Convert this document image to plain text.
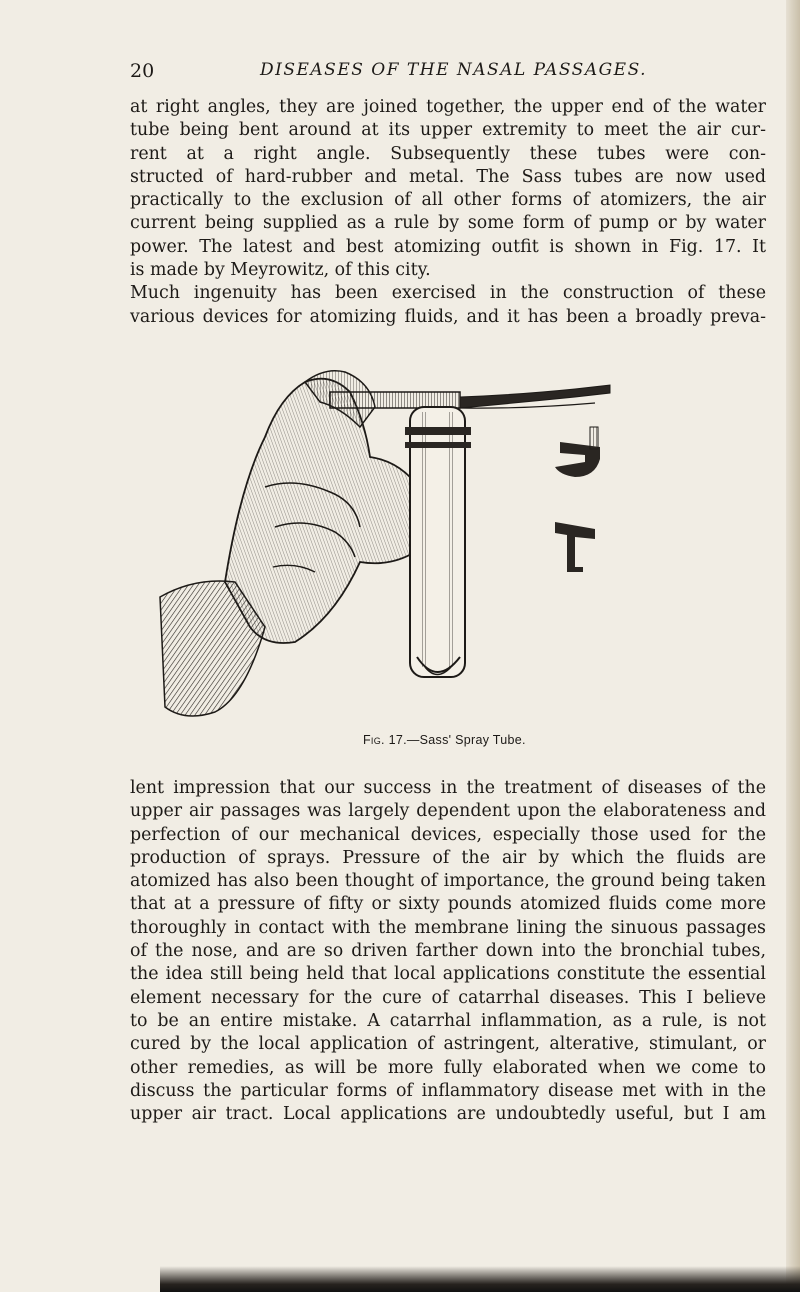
20	DISEASES OF THE NASAL PASSAGES.

at right angles, they are joined together, the upper end of the water
tube being bent around at its upper extremity to meet the air cur-
rent at a right angle. Subsequently these tubes were con-
structed of hard-rubber and metal. The Sass tubes are now used
practically to the exclusion of all other forms of atomizers, the air
current being supplied as a rule by some form of pump or by water
power. The latest and best atomizing outfit is shown in Fig. 17. It
is made by Meyrowitz, of this city.
Much ingenuity has been exercised in the construction of these
various devices for atomizing fluids, and it has been a broadly preva-

Fig. 17.—Sass' Spray Tube.

lent impression that our success in the treatment of diseases of the
upper air passages was largely dependent upon the elaborateness and
perfection of our mechanical devices, especially those used for the
production of sprays. Pressure of the air by which the fluids are
atomized has also been thought of importance, the ground being taken
that at a pressure of fifty or sixty pounds atomized fluids come more
thoroughly in contact with the membrane lining the sinuous passages
of the nose, and are so driven farther down into the bronchial tubes,
the idea still being held that local applications constitute the essential
element necessary for the cure of catarrhal diseases. This I believe
to be an entire mistake. A catarrhal inflammation, as a rule, is not
cured by the local application of astringent, alterative, stimulant, or
other remedies, as will be more fully elaborated when we come to
discuss the particular forms of inflammatory disease met with in the
upper air tract. Local applications are undoubtedly useful, but I am
